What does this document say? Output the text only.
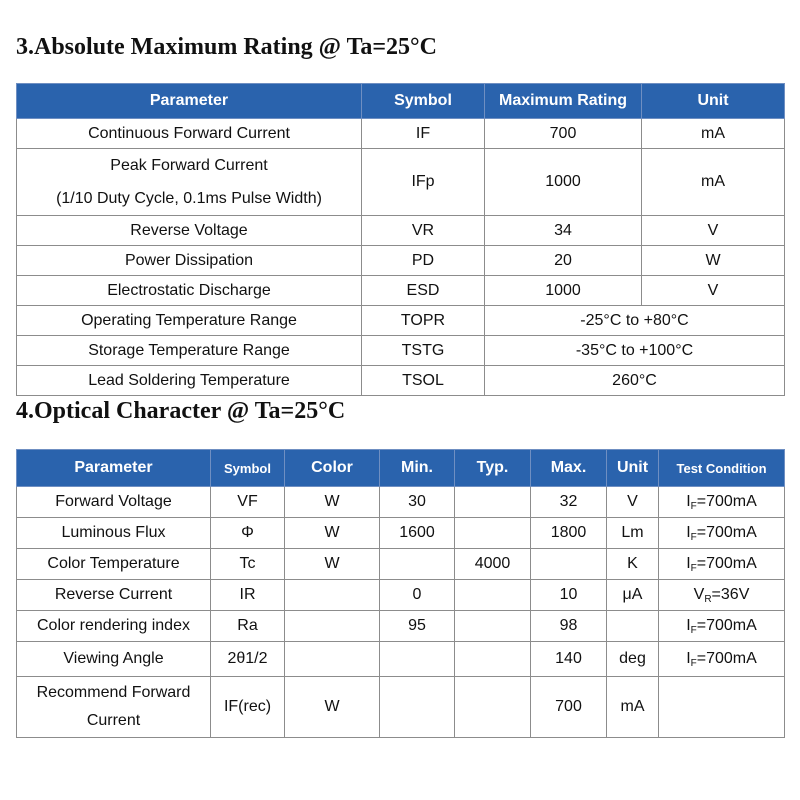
3.Absolute Maximum Rating @ Ta=25°C
Parameter	Symbol	Maximum Rating	Unit
Continuous Forward Current	IF	700	mA

Peak Forward Current
(1/10 Duty Cycle, 0.1ms Pulse Width)	IFp	1000	mA
Reverse Voltage	VR	34	V
Power Dissipation	PD	20	W
Electrostatic Discharge	ESD	1000	V
Operating Temperature Range	TOPR	-25°C to +80°C	
Storage Temperature Range	TSTG	-35°C to +100°C	
Lead Soldering Temperature	TSOL	260°C	
4.Optical Character @ Ta=25°C
Parameter	Symbol	Color	Min.	Typ.	Max.	Unit	Test Condition
Forward Voltage	VF	W	30		32	V	$I_F=700mA$
Luminous Flux	Φ	W	1600		1800	Lm	$I_F=700mA$
Color Temperature	Tc	W		4000		K	$I_F=700mA$
Reverse Current	IR		0		10	μA	$V_R=36V$
Color rendering index	Ra		95		98		$I_F=700mA$
Viewing Angle	2θ1/2				140	deg	$I_F=700mA$
Recommend Forward Current	IF(rec)	W			700	mA	
